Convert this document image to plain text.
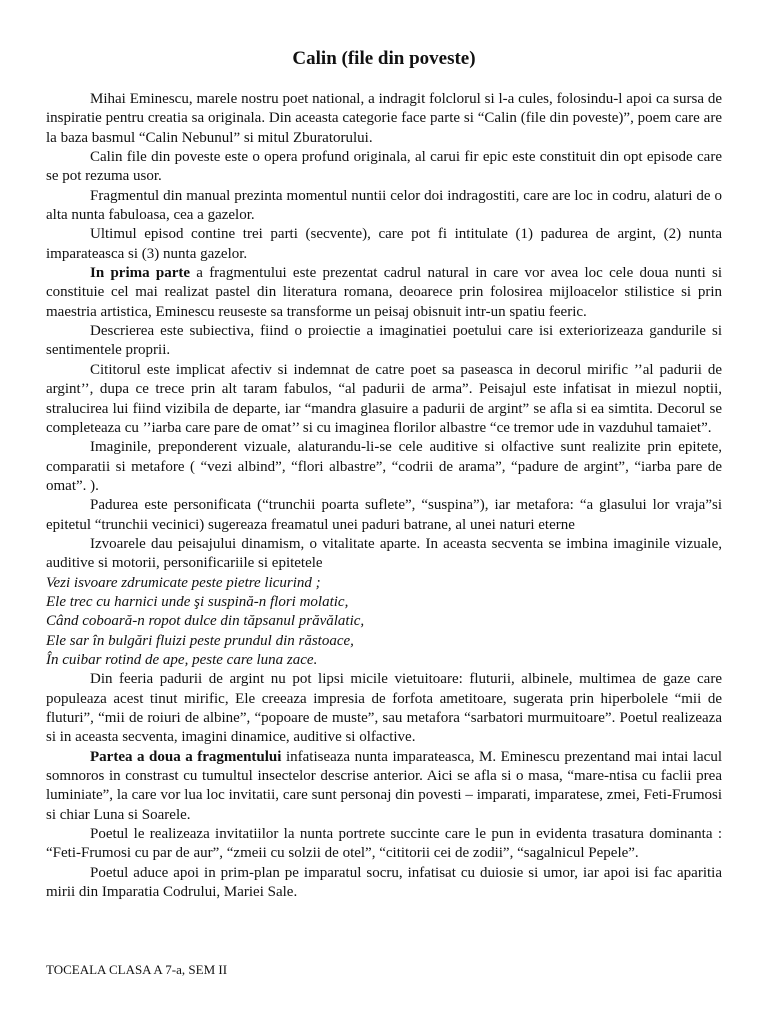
Calin (file din poveste)

Mihai Eminescu, marele nostru poet national, a indragit folclorul si l-a cules, folosindu-l apoi ca sursa de inspiratie pentru creatia sa originala. Din aceasta categorie face parte si “Calin (file din poveste)”, poem care are la baza basmul “Calin Nebunul” si mitul Zburatorului.

Calin file din poveste este o opera profund originala, al carui fir epic este constituit din opt episode care se pot rezuma usor.

Fragmentul din manual prezinta momentul nuntii celor doi indragostiti, care are loc in codru, alaturi de o alta nunta fabuloasa, cea a gazelor.

Ultimul episod contine trei parti (secvente), care pot fi intitulate (1) padurea de argint, (2) nunta imparateasca si (3) nunta gazelor.

In prima parte a fragmentului este prezentat cadrul natural in care vor avea loc cele doua nunti si constituie cel mai realizat pastel din literatura romana, deoarece prin folosirea mijloacelor stilistice si prin maestria artistica, Eminescu reuseste sa transforme un peisaj obisnuit intr-un spatiu feeric.

Descrierea este subiectiva, fiind o proiectie a imaginatiei poetului care isi exteriorizeaza gandurile si sentimentele proprii.

Cititorul este implicat afectiv si indemnat de catre poet sa paseasca in decorul mirific ’’al padurii de argint’’, dupa ce trece prin alt taram fabulos, “al padurii de arma”. Peisajul este infatisat in miezul noptii, stralucirea lui fiind vizibila de departe, iar “mandra glasuire a padurii de argint” se afla si ea simtita. Decorul se completeaza cu ’’iarba care pare de omat’’ si cu imaginea florilor albastre “ce tremor ude in vazduhul tamaiet”.

Imaginile, preponderent vizuale, alaturandu-li-se cele auditive si olfactive sunt realizite prin epitete, comparatii si metafore ( “vezi albind”, “flori albastre”, “codrii de arama”, “padure de argint”, “iarba pare de omat”. ).

Padurea este personificata (“trunchii poarta suflete”, “suspina”), iar metafora: “a glasului lor vraja”si epitetul “trunchii vecinici) sugereaza freamatul unei paduri batrane, al unei naturi eterne

Izvoarele dau peisajului dinamism, o vitalitate aparte. In aceasta secventa se imbina imaginile vizuale, auditive si motorii, personificariile si epitetele

Vezi isvoare zdrumicate peste pietre licurind ;

Ele trec cu harnici unde şi suspină-n flori molatic,

Când coboară-n ropot dulce din tăpsanul prăvălatic,

Ele sar în bulgări fluizi peste prundul din răstoace,

În cuibar rotind de ape, peste care luna zace.

Din feeria padurii de argint nu pot lipsi micile vietuitoare: fluturii, albinele, multimea de gaze care populeaza acest tinut mirific, Ele creeaza impresia de forfota ametitoare, sugerata prin hiperbolele “mii de fluturi”, “mii de roiuri de albine”, “popoare de muste”, sau metafora “sarbatori murmuitoare”. Poetul realizeaza si in aceasta secventa, imagini dinamice, auditive si olfactive.

Partea a doua a fragmentului infatiseaza nunta imparateasca, M. Eminescu prezentand mai intai lacul somnoros in constrast cu tumultul insectelor descrise anterior. Aici se afla si o masa, “mare-ntisa cu faclii prea luminiate”, la care vor lua loc invitatii, care sunt personaj din povesti – imparati, imparatese, zmei, Feti-Frumosi si chiar Luna si Soarele.

Poetul le realizeaza invitatiilor la nunta portrete succinte care le pun in evidenta trasatura dominanta : “Feti-Frumosi cu par de aur”, “zmeii cu solzii de otel”, “cititorii cei de zodii”, “sagalnicul Pepele”.

Poetul aduce apoi in prim-plan pe imparatul socru, infatisat cu duiosie si umor, iar apoi isi fac aparitia mirii din Imparatia Codrului, Mariei Sale.

TOCEALA CLASA A 7-a, SEM II
